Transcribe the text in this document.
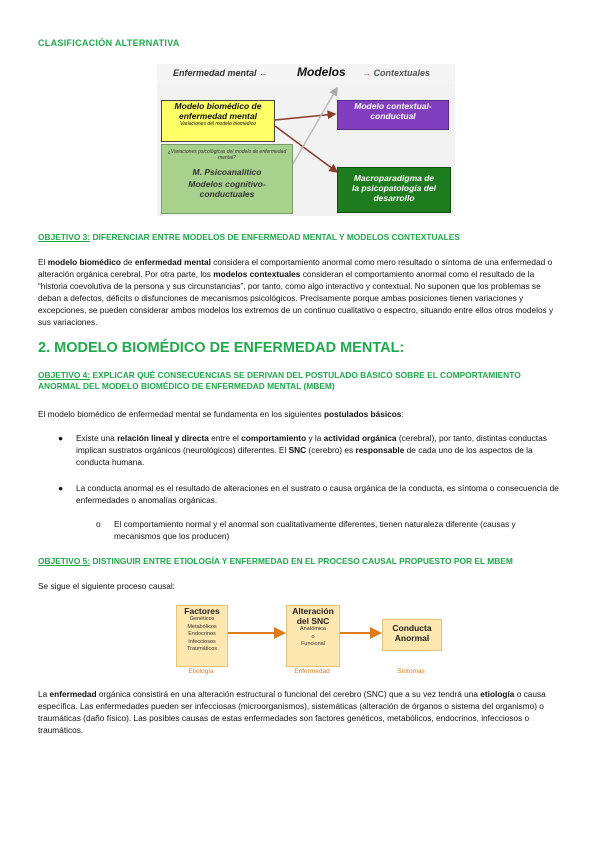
CLASIFICACIÓN ALTERNATIVA
Enfermedad mental ← Modelos → Contextuales
Modelo biomédico de
enfermedad mental
Variaciones del modelo biomédico
Modelo contextual-
conductual
¿Variaciones psicológicas del modelo de enfermedad mental?
M. Psicoanalítico
Modelos cognitivo-
conductuales
Macroparadigma de
la psicopatología del
desarrollo
OBJETIVO 3: DIFERENCIAR ENTRE MODELOS DE ENFERMEDAD MENTAL Y MODELOS CONTEXTUALES
El modelo biomédico de enfermedad mental considera el comportamiento anormal como mero resultado o síntoma de una enfermedad o alteración orgánica cerebral. Por otra parte, los modelos contextuales consideran el comportamiento anormal como el resultado de la “historia coevolutiva de la persona y sus circunstancias”, por tanto, como algo interactivo y contextual. No suponen que los problemas se deban a defectos, déficits o disfunciones de mecanismos psicológicos. Precisamente porque ambas posiciones tienen variaciones y excepciones, se pueden considerar ambos modelos los extremos de un continuo cualitativo o espectro, situando entre ellos otros modelos y sus variaciones.
2. MODELO BIOMÉDICO DE ENFERMEDAD MENTAL:
OBJETIVO 4: EXPLICAR QUÉ CONSECUENCIAS SE DERIVAN DEL POSTULADO BÁSICO SOBRE EL COMPORTAMIENTO
ANORMAL DEL MODELO BIOMÉDICO DE ENFERMEDAD MENTAL (MBEM)
El modelo biomédico de enfermedad mental se fundamenta en los siguientes postulados básicos:
● Existe una relación lineal y directa entre el comportamiento y la actividad orgánica (cerebral), por tanto, distintas conductas implican sustratos orgánicos (neurológicos) diferentes. El SNC (cerebro) es responsable de cada uno de los aspectos de la conducta humana.
● La conducta anormal es el resultado de alteraciones en el sustrato o causa orgánica de la conducta, es síntoma o consecuencia de enfermedades o anomalías orgánicas.
o El comportamiento normal y el anormal son cualitativamente diferentes, tienen naturaleza diferente (causas y mecanismos que los producen)
OBJETIVO 5: DISTINGUIR ENTRE ETIOLOGÍA Y ENFERMEDAD EN EL PROCESO CAUSAL PROPUESTO POR EL MBEM
Se sigue el siguiente proceso causal:
Factores
Genéticos
Metabólicos
Endocrinos
Infecciosos
Traumáticos
Etiología
Alteración
del SNC
Anatómica
o
Funcional
Enfermedad
Conducta
Anormal
Síntomas
La enfermedad orgánica consistirá en una alteración estructural o funcional del cerebro (SNC) que a su vez tendrá una etiología o causa específica. Las enfermedades pueden ser infecciosas (microorganismos), sistemáticas (alteración de órganos o sistema del organismo) o traumáticas (daño físico). Las posibles causas de estas enfermedades son factores genéticos, metabólicos, endocrinos, infecciosos o traumáticos.
